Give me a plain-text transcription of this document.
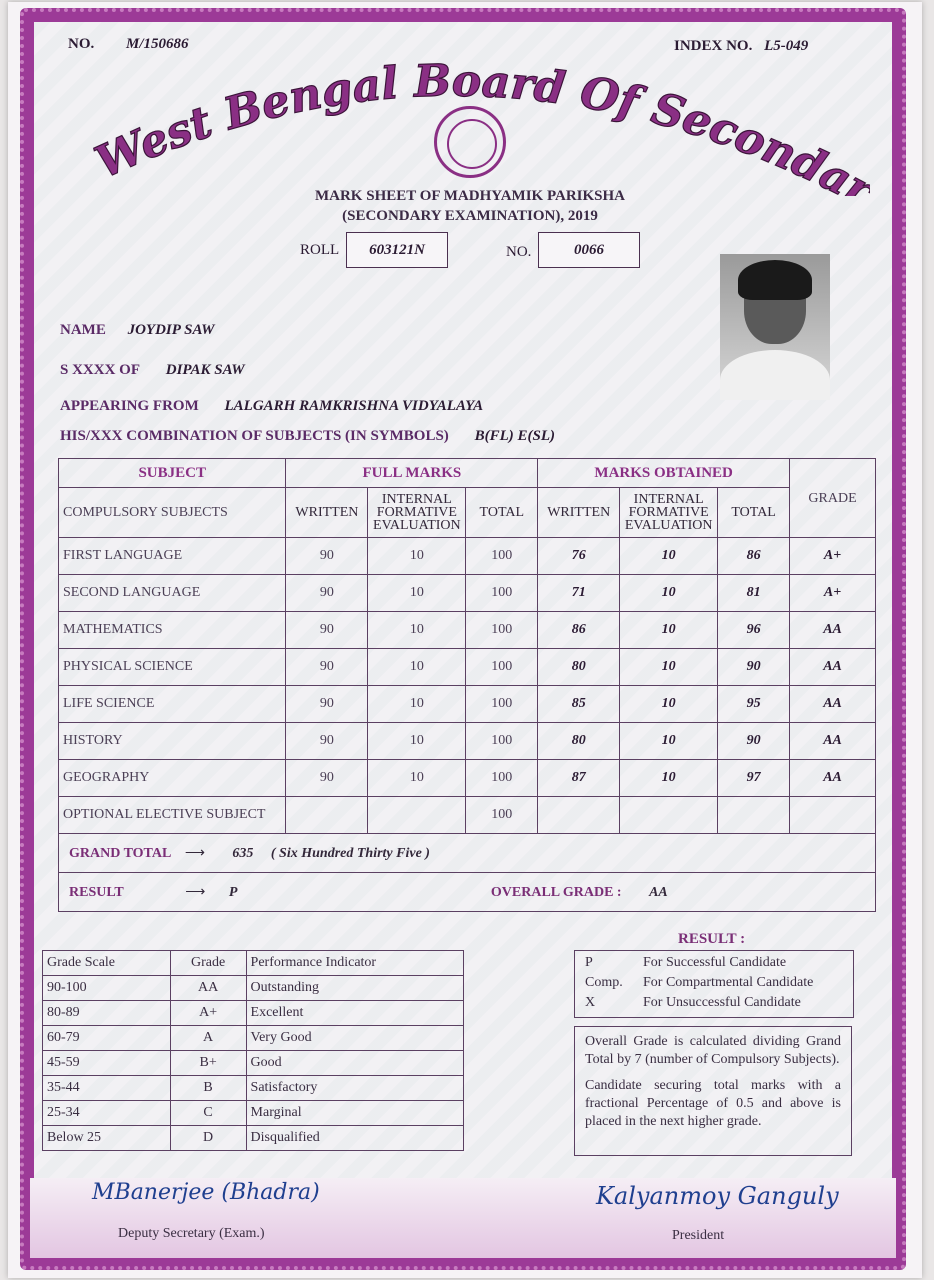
NO. M/150686	INDEX NO. L5-049
West Bengal Board Of Seconda
MARK SHEET OF MADHYAMIK PARIKSHA
(SECONDARY EXAMINATION), 2019
ROLL	603121N	NO.	0066
NAME JOYDIP SAW
S XXXX OF DIPAK SAW
APPEARING FROM LALGARH RAMKRISHNA VIDYALAYA
HIS/XXX COMBINATION OF SUBJECTS (IN SYMBOLS) B(FL) E(SL)
SUBJECT	FULL MARKS			MARKS OBTAINED			GRADE
COMPULSORY SUBJECTS	WRITTEN	INTERNAL
FORMATIVE
EVALUATION	TOTAL	WRITTEN	INTERNAL
FORMATIVE
EVALUATION	TOTAL	
FIRST LANGUAGE	90	10	100	76	10	86	A+
SECOND LANGUAGE	90	10	100	71	10	81	A+
MATHEMATICS	90	10	100	86	10	96	AA
PHYSICAL SCIENCE	90	10	100	80	10	90	AA
LIFE SCIENCE	90	10	100	85	10	95	AA
HISTORY	90	10	100	80	10	90	AA
GEOGRAPHY	90	10	100	87	10	97	AA
OPTIONAL ELECTIVE SUBJECT			100				
GRAND TOTAL ⟶ 635 ( Six Hundred Thirty Five )							
RESULT ⟶ P OVERALL GRADE : AA							
Grade Scale	Grade	Performance Indicator
90-100	AA	Outstanding
80-89	A+	Excellent
60-79	A	Very Good
45-59	B+	Good
35-44	B	Satisfactory
25-34	C	Marginal
Below 25	D	Disqualified
RESULT :
P	For Successful Candidate
Comp. For Compartmental Candidate
X	For Unsuccessful Candidate
Overall Grade is calculated dividing Grand Total by 7 (number of Compulsory Subjects).
Candidate securing total marks with a fractional Percentage of 0.5 and above is placed in the next higher grade.
MBanerjee (Bhadra)
Deputy Secretary (Exam.)
Kalyanmoy Ganguly
President
